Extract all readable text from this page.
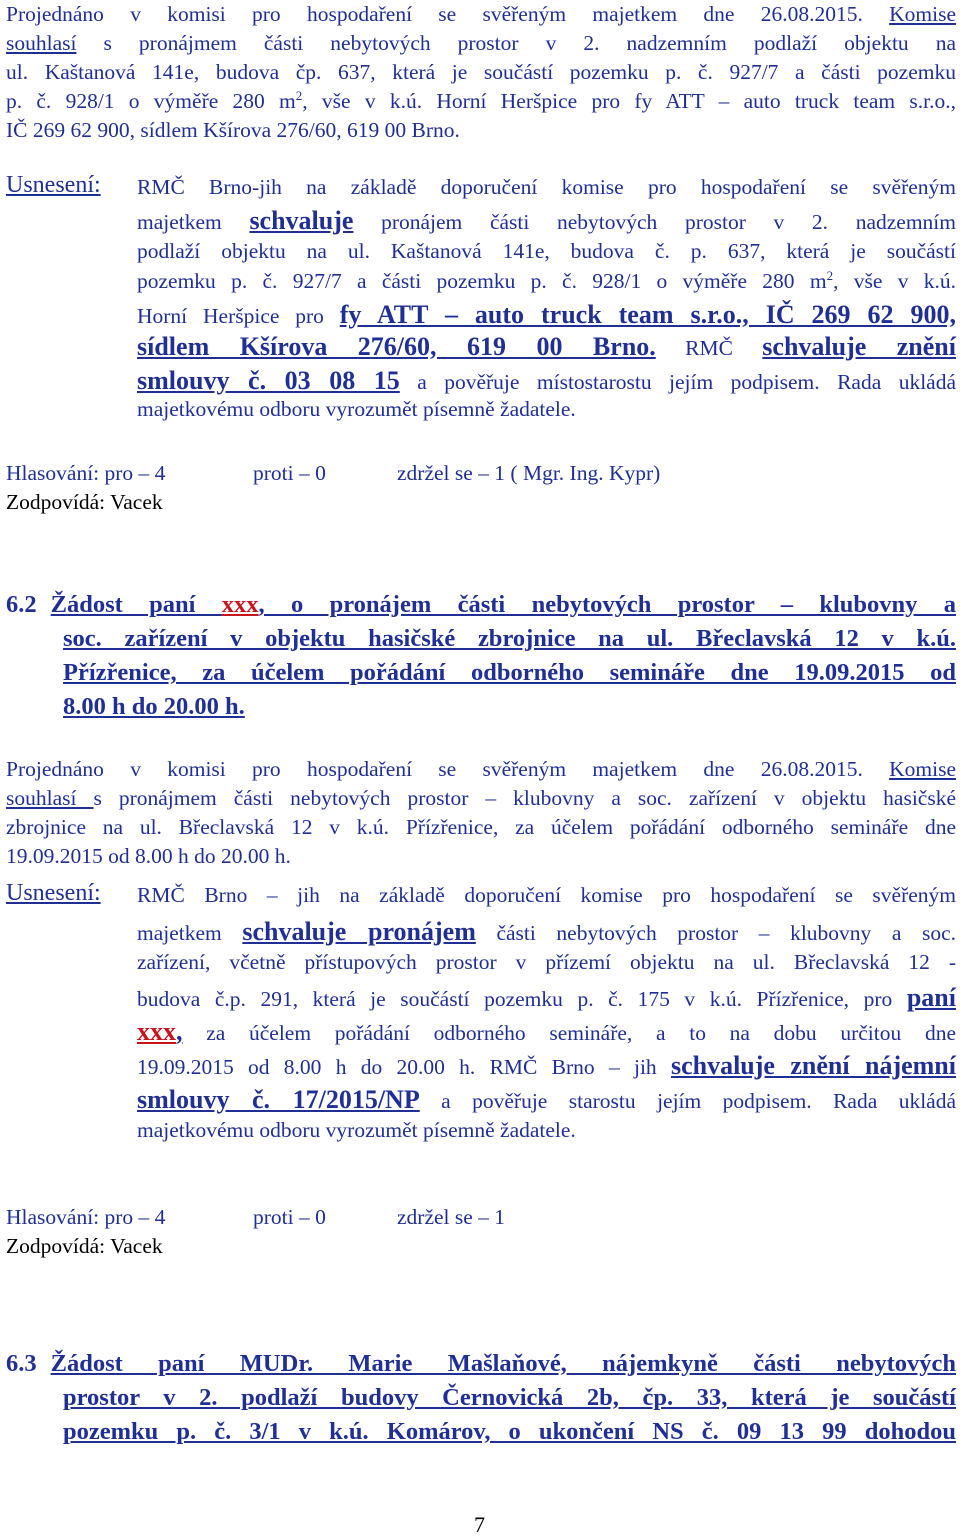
Projednáno v komisi pro hospodaření se svěřeným majetkem dne 26.08.2015. Komise
souhlasí s pronájmem části nebytových prostor v 2. nadzemním podlaží objektu na
ul. Kaštanová 141e, budova čp. 637, která je součástí pozemku p. č. 927/7 a části pozemku
p. č. 928/1 o výměře 280 $m^2$, vše v k.ú. Horní Heršpice pro fy ATT – auto truck team s.r.o.,
IČ 269 62 900, sídlem Kšírova 276/60, 619 00 Brno.
Usnesení: RMČ Brno-jih na základě doporučení komise pro hospodaření se svěřeným
majetkem schvaluje pronájem části nebytových prostor v 2. nadzemním
podlaží objektu na ul. Kaštanová 141e, budova č. p. 637, která je součástí
pozemku p. č. 927/7 a části pozemku p. č. 928/1 o výměře 280 $m^2$, vše v k.ú.
Horní Heršpice pro fy ATT – auto truck team s.r.o., IČ 269 62 900,
sídlem Kšírova 276/60, 619 00 Brno. RMČ schvaluje znění
smlouvy č. 03 08 15 a pověřuje místostarostu jejím podpisem. Rada ukládá
majetkovému odboru vyrozumět písemně žadatele.
Hlasování: pro – 4	proti – 0	zdržel se – 1 ( Mgr. Ing. Kypr)
Zodpovídá: Vacek
6.2 Žádost paní xxx, o pronájem části nebytových prostor – klubovny a
soc. zařízení v objektu hasičské zbrojnice na ul. Břeclavská 12 v k.ú.
Přízřenice, za účelem pořádání odborného semináře dne 19.09.2015 od
8.00 h do 20.00 h.
Projednáno v komisi pro hospodaření se svěřeným majetkem dne 26.08.2015. Komise
souhlasí s pronájmem části nebytových prostor – klubovny a soc. zařízení v objektu hasičské
zbrojnice na ul. Břeclavská 12 v k.ú. Přízřenice, za účelem pořádání odborného semináře dne
19.09.2015 od 8.00 h do 20.00 h.
Usnesení: RMČ Brno – jih na základě doporučení komise pro hospodaření se svěřeným
majetkem schvaluje pronájem části nebytových prostor – klubovny a soc.
zařízení, včetně přístupových prostor v přízemí objektu na ul. Břeclavská 12 -
budova č.p. 291, která je součástí pozemku p. č. 175 v k.ú. Přízřenice, pro paní
xxx, za účelem pořádání odborného semináře, a to na dobu určitou dne
19.09.2015 od 8.00 h do 20.00 h. RMČ Brno – jih schvaluje znění nájemní
smlouvy č. 17/2015/NP a pověřuje starostu jejím podpisem. Rada ukládá
majetkovému odboru vyrozumět písemně žadatele.
Hlasování: pro – 4	proti – 0	zdržel se – 1
Zodpovídá: Vacek
6.3 Žádost paní MUDr. Marie Mašlaňové, nájemkyně části nebytových
prostor v 2. podlaží budovy Černovická 2b, čp. 33, která je součástí
pozemku p. č. 3/1 v k.ú. Komárov, o ukončení NS č. 09 13 99 dohodou
7
